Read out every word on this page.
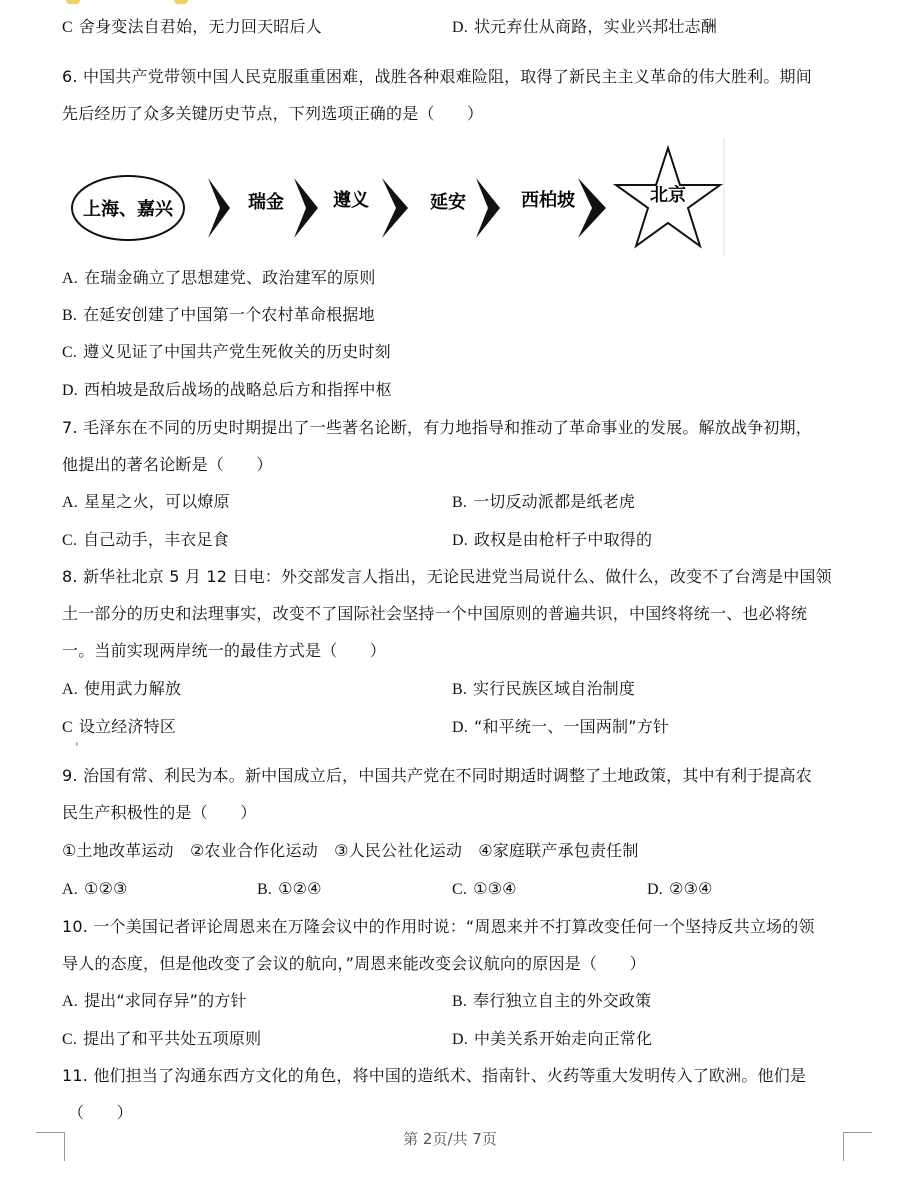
C 舍身变法自君始，无力回天昭后人	D. 状元弃仕从商路，实业兴邦壮志酬
6. 中国共产党带领中国人民克服重重困难，战胜各种艰难险阻，取得了新民主主义革命的伟大胜利。期间
先后经历了众多关键历史节点，下列选项正确的是（　　）
上海、嘉兴	瑞金	遵义	延安	西柏坡	北京
A. 在瑞金确立了思想建党、政治建军的原则
B. 在延安创建了中国第一个农村革命根据地
C. 遵义见证了中国共产党生死攸关的历史时刻
D. 西柏坡是敌后战场的战略总后方和指挥中枢
7. 毛泽东在不同的历史时期提出了一些著名论断，有力地指导和推动了革命事业的发展。解放战争初期，
他提出的著名论断是（　　）
A. 星星之火，可以燎原	B. 一切反动派都是纸老虎
C. 自己动手，丰衣足食	D. 政权是由枪杆子中取得的
8. 新华社北京 5 月 12 日电：外交部发言人指出，无论民进党当局说什么、做什么，改变不了台湾是中国领
土一部分的历史和法理事实，改变不了国际社会坚持一个中国原则的普遍共识，中国终将统一、也必将统
一。当前实现两岸统一的最佳方式是（　　）
A. 使用武力解放	B. 实行民族区域自治制度
C 设立经济特区	D. “和平统一、一国两制”方针
9. 治国有常、利民为本。新中国成立后，中国共产党在不同时期适时调整了土地政策，其中有利于提高农
民生产积极性的是（　　）
①土地改革运动　②农业合作化运动　③人民公社化运动　④家庭联产承包责任制
A. ①②③	B. ①②④	C. ①③④	D. ②③④
10. 一个美国记者评论周恩来在万隆会议中的作用时说：“周恩来并不打算改变任何一个坚持反共立场的领
导人的态度，但是他改变了会议的航向，”周恩来能改变会议航向的原因是（　　）
A. 提出“求同存异”的方针	B. 奉行独立自主的外交政策
C. 提出了和平共处五项原则	D. 中美关系开始走向正常化
11. 他们担当了沟通东西方文化的角色，将中国的造纸术、指南针、火药等重大发明传入了欧洲。他们是
（　　）
第 2页/共 7页
